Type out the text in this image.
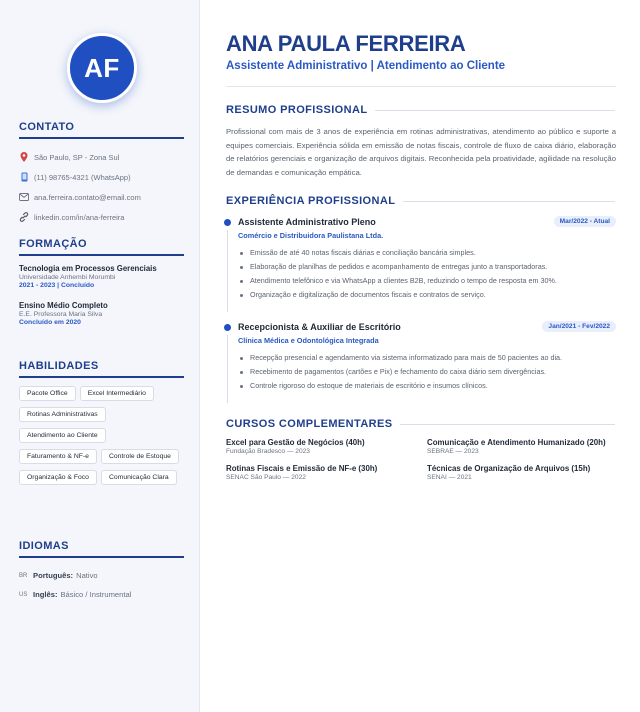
AF
CONTATO
São Paulo, SP - Zona Sul
(11) 98765-4321 (WhatsApp)
ana.ferreira.contato@email.com
linkedin.com/in/ana-ferreira
FORMAÇÃO
Tecnologia em Processos Gerenciais
Universidade Anhembi Morumbi
2021 - 2023 | Concluído
Ensino Médio Completo
E.E. Professora Maria Silva
Concluído em 2020
HABILIDADES
Pacote Office	Excel Intermediário
Rotinas Administrativas
Atendimento ao Cliente
Faturamento & NF-e	Controle de Estoque
Organização & Foco	Comunicação Clara
IDIOMAS
BR Português: Nativo
US Inglês: Básico / Instrumental
ANA PAULA FERREIRA
Assistente Administrativo | Atendimento ao Cliente
RESUMO PROFISSIONAL

Profissional com mais de 3 anos de experiência em rotinas administrativas, atendimento ao público e suporte a equipes comerciais. Experiência sólida em emissão de notas fiscais, controle de fluxo de caixa diário, elaboração de relatórios gerenciais e organização de arquivos digitais. Reconhecida pela proatividade, agilidade na resolução de demandas e comunicação empática.

EXPERIÊNCIA PROFISSIONAL
Assistente Administrativo Pleno	Mar/2022 - Atual
Comércio e Distribuidora Paulistana Ltda.
Emissão de até 40 notas fiscais diárias e conciliação bancária simples.
Elaboração de planilhas de pedidos e acompanhamento de entregas junto a transportadoras.
Atendimento telefônico e via WhatsApp a clientes B2B, reduzindo o tempo de resposta em 30%.
Organização e digitalização de documentos fiscais e contratos de serviço.
Recepcionista & Auxiliar de Escritório	Jan/2021 - Fev/2022
Clínica Médica e Odontológica Integrada
Recepção presencial e agendamento via sistema informatizado para mais de 50 pacientes ao dia.
Recebimento de pagamentos (cartões e Pix) e fechamento do caixa diário sem divergências.
Controle rigoroso do estoque de materiais de escritório e insumos clínicos.
CURSOS COMPLEMENTARES
Excel para Gestão de Negócios (40h)
Fundação Bradesco — 2023
Comunicação e Atendimento Humanizado (20h)
SEBRAE — 2023
Rotinas Fiscais e Emissão de NF-e (30h)
SENAC São Paulo — 2022
Técnicas de Organização de Arquivos (15h)
SENAI — 2021
